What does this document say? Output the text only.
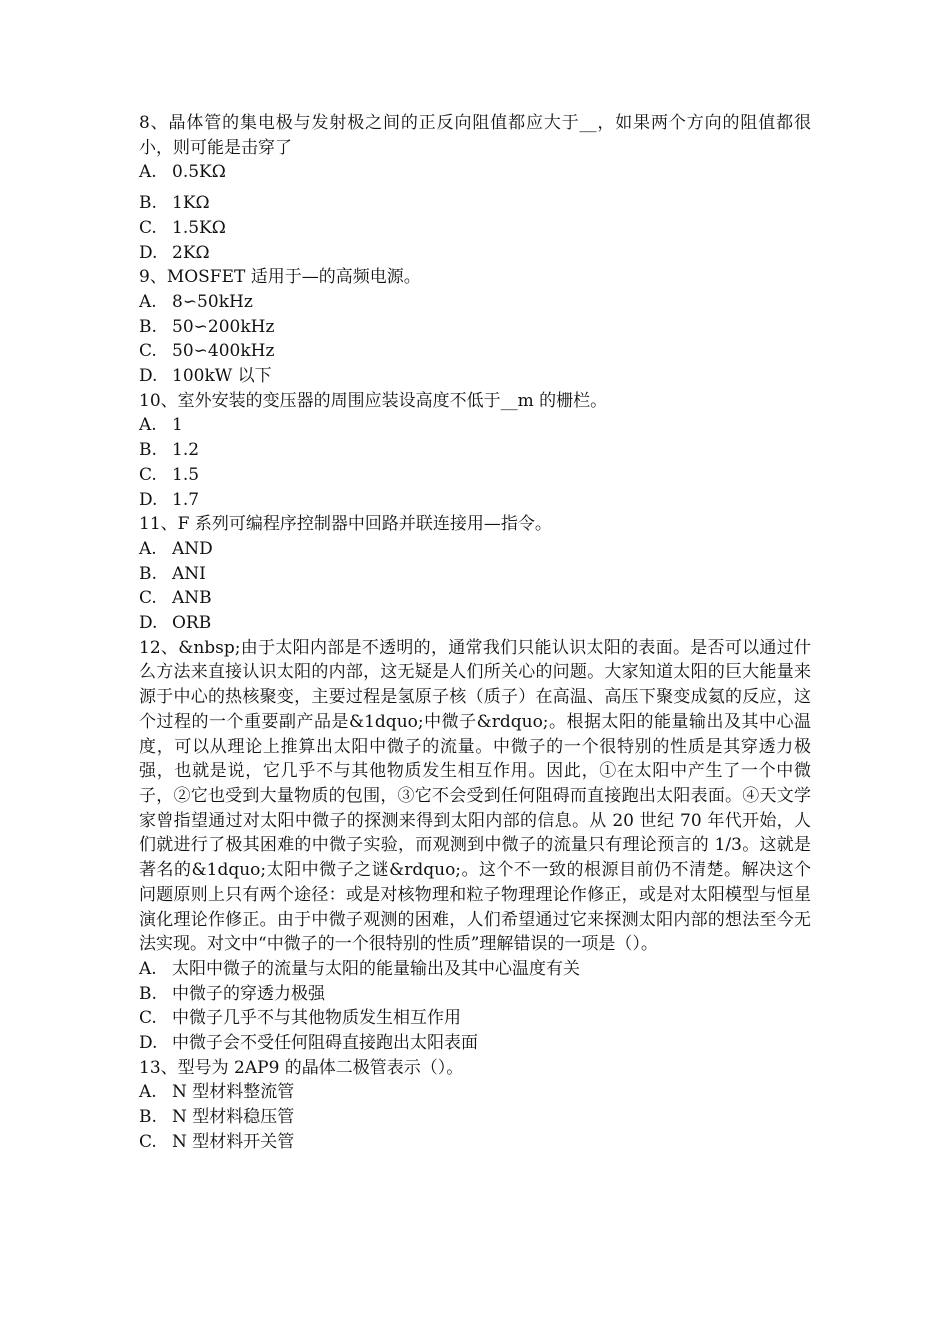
8、晶体管的集电极与发射极之间的正反向阻值都应大于__，如果两个方向的阻值都很小，则可能是击穿了

A. 0.5KΩ
B. 1KΩ
C. 1.5KΩ
D. 2KΩ

9、MOSFET 适用于—的高频电源。

A. 8∽50kHz
B. 50∽200kHz
C. 50∽400kHz
D. 100kW 以下

10、室外安装的变压器的周围应装设高度不低于__m 的栅栏。

A. 1
B. 1.2
C. 1.5
D. 1.7

11、F 系列可编程序控制器中回路并联连接用—指令。

A. AND
B. ANI
C. ANB
D. ORB

12、&nbsp;由于太阳内部是不透明的，通常我们只能认识太阳的表面。是否可以通过什么方法来直接认识太阳的内部，这无疑是人们所关心的问题。大家知道太阳的巨大能量来源于中心的热核聚变，主要过程是氢原子核（质子）在高温、高压下聚变成氦的反应，这个过程的一个重要副产品是&1dquo;中微子&rdquo;。根据太阳的能量输出及其中心温度，可以从理论上推算出太阳中微子的流量。中微子的一个很特别的性质是其穿透力极强，也就是说，它几乎不与其他物质发生相互作用。因此，①在太阳中产生了一个中微子，②它也受到大量物质的包围，③它不会受到任何阻碍而直接跑出太阳表面。④天文学家曾指望通过对太阳中微子的探测来得到太阳内部的信息。从 20 世纪 70 年代开始，人们就进行了极其困难的中微子实验，而观测到中微子的流量只有理论预言的 1/3。这就是著名的&1dquo;太阳中微子之谜&rdquo;。这个不一致的根源目前仍不清楚。解决这个问题原则上只有两个途径：或是对核物理和粒子物理理论作修正，或是对太阳模型与恒星演化理论作修正。由于中微子观测的困难，人们希望通过它来探测太阳内部的想法至今无法实现。对文中“中微子的一个很特别的性质”理解错误的一项是（）。

A. 太阳中微子的流量与太阳的能量输出及其中心温度有关
B. 中微子的穿透力极强
C. 中微子几乎不与其他物质发生相互作用
D. 中微子会不受任何阻碍直接跑出太阳表面

13、型号为 2AP9 的晶体二极管表示（）。

A. N 型材料整流管
B. N 型材料稳压管
C. N 型材料开关管
